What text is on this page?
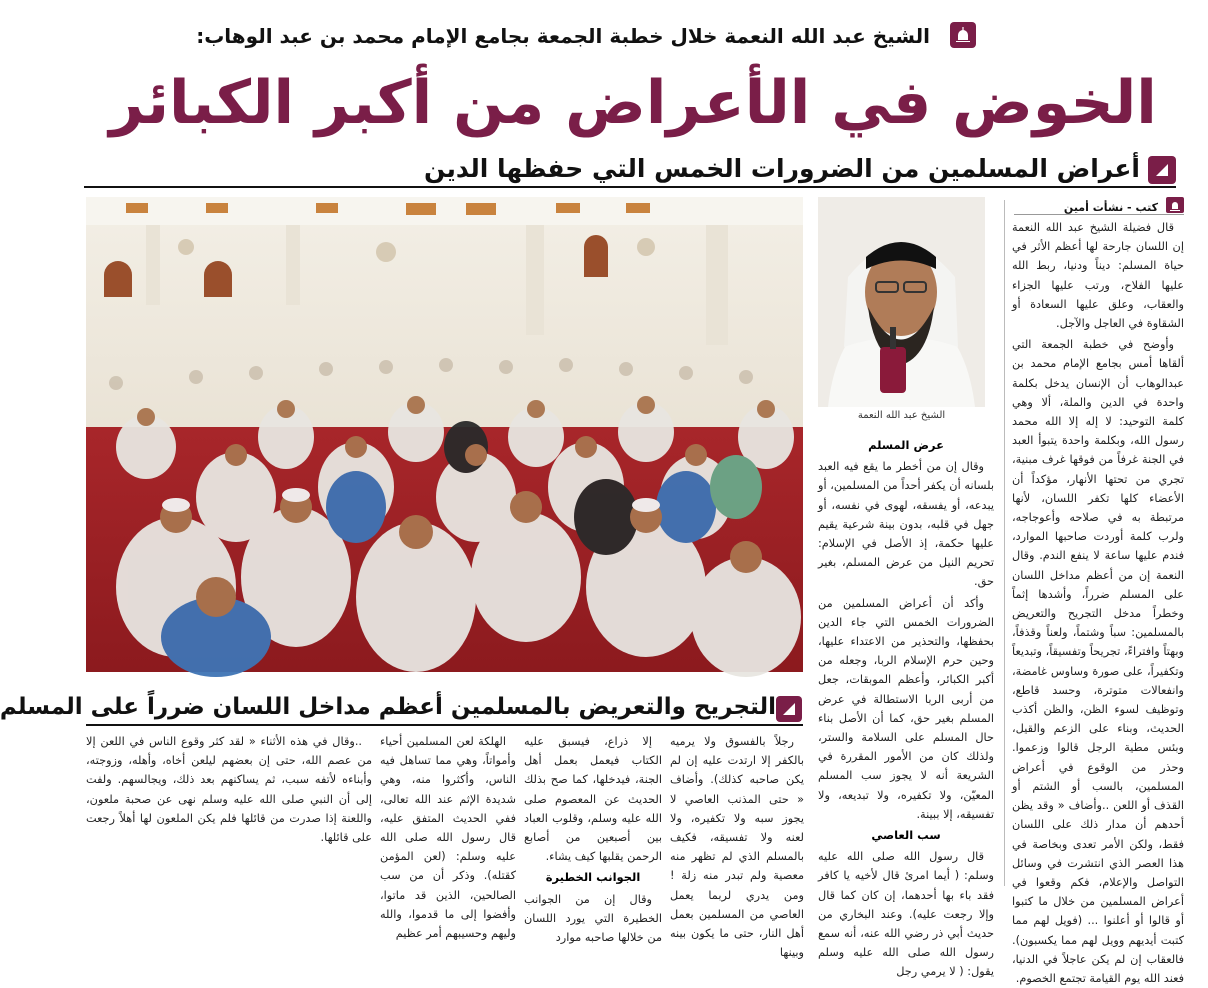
الشيخ عبد الله النعمة خلال خطبة الجمعة بجامع الإمام محمد بن عبد الوهاب:
الخوض في الأعراض من أكبر الكبائر
أعراض المسلمين من الضرورات الخمس التي حفظها الدين
الشيخ عبد الله النعمة
كتب - نشأت أمين

قال فضيلة الشيخ عبد الله النعمة إن اللسان جارحة لها أعظم الأثر في حياة المسلم: ديناً ودنيا، ربط الله عليها الفلاح، ورتب عليها الجزاء والعقاب، وعلق عليها السعادة أو الشقاوة في العاجل والآجل.

وأوضح في خطبة الجمعة التي ألقاها أمس بجامع الإمام محمد بن عبدالوهاب أن الإنسان يدخل بكلمة واحدة في الدين والملة، ألا وهي كلمة التوحيد: لا إله إلا الله محمد رسول الله، وبكلمة واحدة يتبوأ العبد في الجنة غرفاً من فوقها غرف مبنية، تجري من تحتها الأنهار، مؤكداً أن الأعضاء كلها تكفر اللسان، لأنها مرتبطة به في صلاحه وأعوجاجه، ولرب كلمة أوردت صاحبها الموارد، فندم عليها ساعة لا ينفع الندم. وقال النعمة إن من أعظم مداخل اللسان على المسلم ضرراً، وأشدها إثماً وخطراً مدخل التجريح والتعريض بالمسلمين: سباً وشتماً، ولعناً وقذفاً، وبهتاً وافتراءً، تجريحاً وتفسيقاً، وتبديعاً وتكفيراً، على صورة وساوس غامضة، وانفعالات متوترة، وحسد قاطع، وتوظيف لسوء الظن، والظن أكذب الحديث، وبناء على الزعم والقيل، وبئس مطية الرجل قالوا وزعموا. وحذر من الوقوع في أعراض المسلمين، بالسب أو الشتم أو القذف أو اللعن ..وأضاف « وقد يظن أحدهم أن مدار ذلك على اللسان فقط، ولكن الأمر تعدى وبخاصة في هذا العصر الذي انتشرت في وسائل التواصل والإعلام، فكم وقعوا في أعراض المسلمين من خلال ما كتبوا أو قالوا أو أعلنوا ... (فويل لهم مما كتبت أيديهم وويل لهم مما يكسبون). فالعقاب إن لم يكن عاجلاً في الدنيا، فعند الله يوم القيامة تجتمع الخصوم.

عرض المسلم

وقال إن من أخطر ما يقع فيه العبد بلسانه أن يكفر أحداً من المسلمين، أو يبدعه، أو يفسقه، لهوى في نفسه، أو جهل في قلبه، بدون بينة شرعية يقيم عليها حكمة، إذ الأصل في الإسلام: تحريم النيل من عرض المسلم، بغير حق.

وأكد أن أعراض المسلمين من الضرورات الخمس التي جاء الدين بحفظها، والتحذير من الاعتداء عليها، وحين حرم الإسلام الربا، وجعله من أكبر الكبائر، وأعظم الموبقات، جعل من أربى الربا الاستطالة في عرض المسلم بغير حق، كما أن الأصل بناء حال المسلم على السلامة والستر، ولذلك كان من الأمور المقررة في الشريعة أنه لا يجوز سب المسلم المعيّن، ولا تكفيره، ولا تبديعه، ولا تفسيقه، إلا ببينة.

سب العاصي

قال رسول الله صلى الله عليه وسلم: ( أيما امرئ قال لأخيه يا كافر فقد باء بها أحدهما، إن كان كما قال وإلا رجعت عليه). وعند البخاري من حديث أبي ذر رضي الله عنه، أنه سمع رسول الله صلى الله عليه وسلم يقول: ( لا يرمي رجل

التجريح والتعريض بالمسلمين أعظم مداخل اللسان ضرراً على المسلم

رجلاً بالفسوق ولا يرميه بالكفر إلا ارتدت عليه إن لم يكن صاحبه كذلك). وأضاف « حتى المذنب العاصي لا يجوز سبه ولا تكفيره، ولا لعنه ولا تفسيقه، فكيف بالمسلم الذي لم تظهر منه معصية ولم تبدر منه زلة ! ومن يدري لربما يعمل العاصي من المسلمين بعمل أهل النار، حتى ما يكون بينه وبينها

إلا ذراع، فيسبق عليه الكتاب فيعمل بعمل أهل الجنة، فيدخلها، كما صح بذلك الحديث عن المعصوم صلى الله عليه وسلم، وقلوب العباد بين أصبعين من أصابع الرحمن يقلبها كيف يشاء.

الجوانب الخطيرة

وقال إن من الجوانب الخطيرة التي يورد اللسان من خلالها صاحبه موارد

الهلكة لعن المسلمين أحياء وأمواتاً، وهي مما تساهل فيه الناس، وأكثروا منه، وهي شديدة الإثم عند الله تعالى، ففي الحديث المتفق عليه، قال رسول الله صلى الله عليه وسلم: (لعن المؤمن كقتله). وذكر أن من سب الصالحين، الذين قد ماتوا، وأفضوا إلى ما قدموا، والله وليهم وحسيبهم أمر عظيم

..وقال في هذه الأثناء « لقد كثر وقوع الناس في اللعن إلا من عصم الله، حتى إن بعضهم ليلعن أخاه، وأهله، وزوجته، وأبناءه لأتفه سبب، ثم يساكنهم بعد ذلك، ويجالسهم. ولفت إلى أن النبي صلى الله عليه وسلم نهى عن صحبة ملعون، واللعنة إذا صدرت من قائلها فلم يكن الملعون لها أهلاً رجعت على قائلها.
